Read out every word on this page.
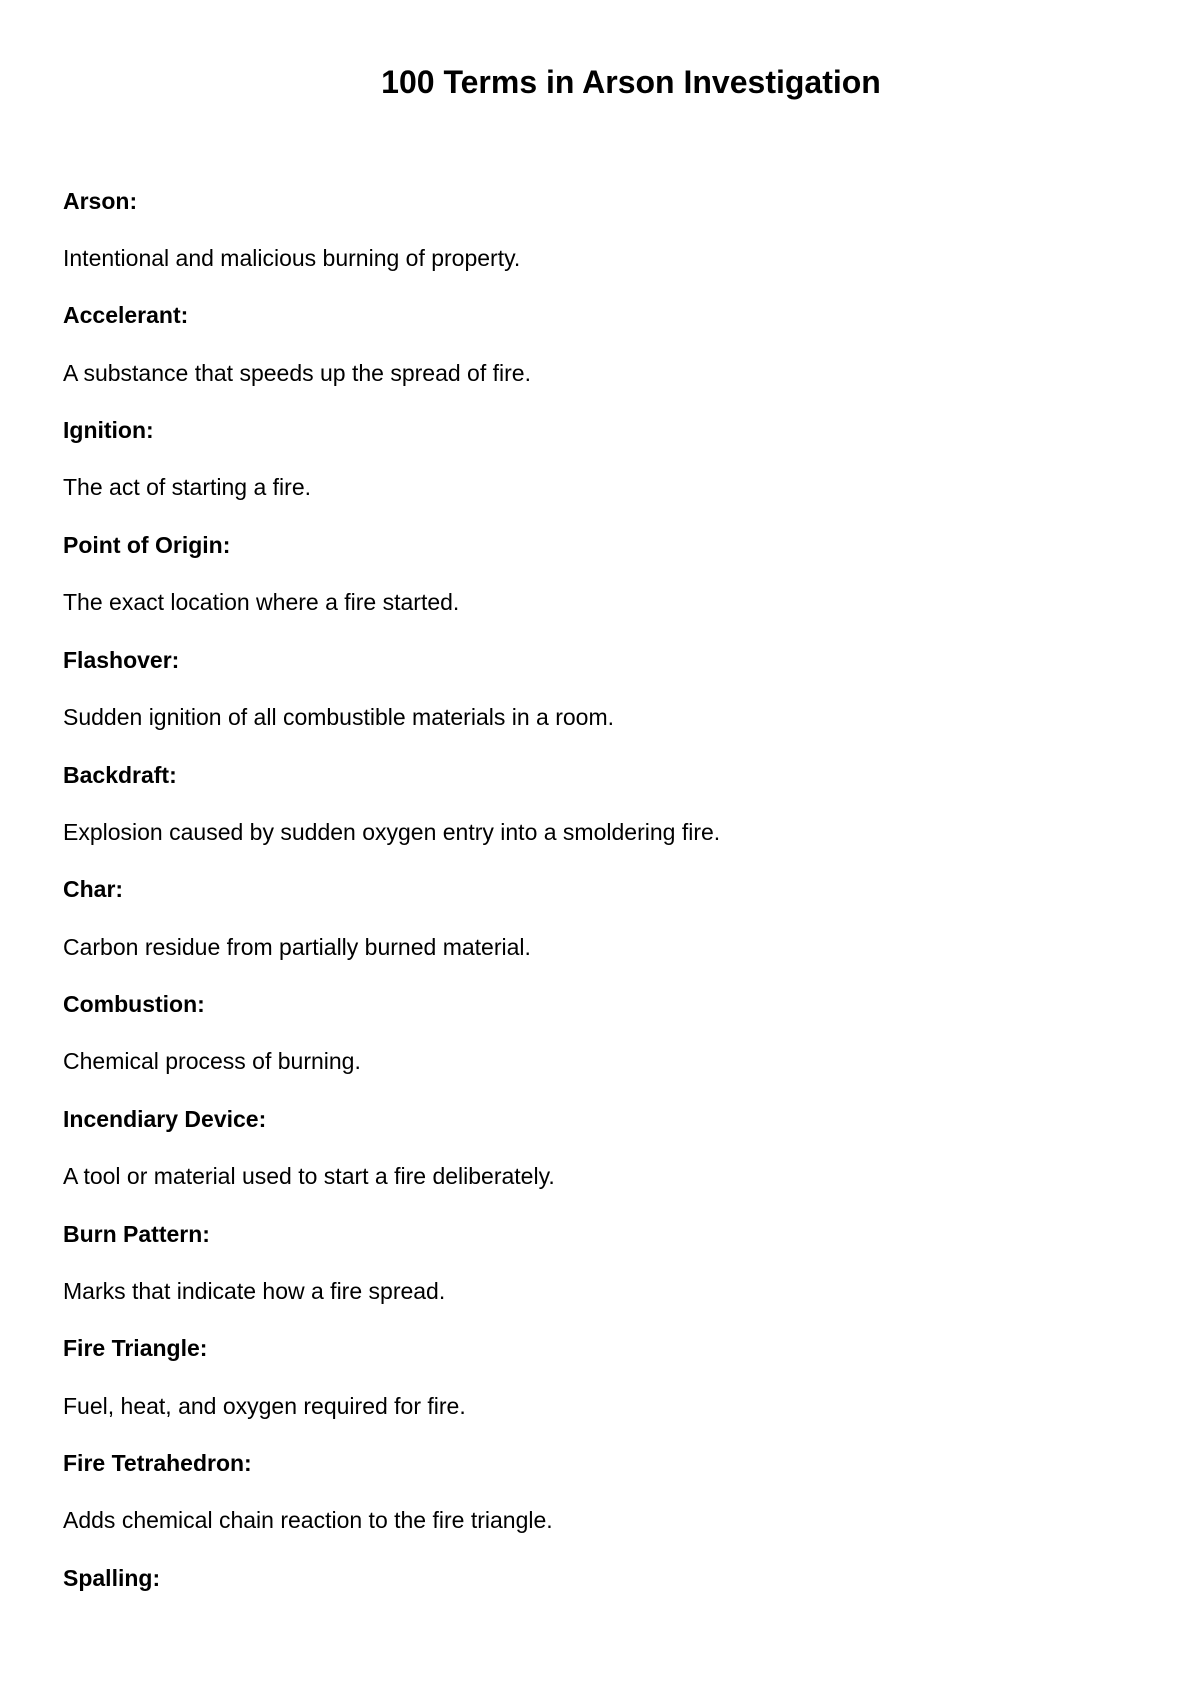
100 Terms in Arson Investigation
Arson:
Intentional and malicious burning of property.
Accelerant:
A substance that speeds up the spread of fire.
Ignition:
The act of starting a fire.
Point of Origin:
The exact location where a fire started.
Flashover:
Sudden ignition of all combustible materials in a room.
Backdraft:
Explosion caused by sudden oxygen entry into a smoldering fire.
Char:
Carbon residue from partially burned material.
Combustion:
Chemical process of burning.
Incendiary Device:
A tool or material used to start a fire deliberately.
Burn Pattern:
Marks that indicate how a fire spread.
Fire Triangle:
Fuel, heat, and oxygen required for fire.
Fire Tetrahedron:
Adds chemical chain reaction to the fire triangle.
Spalling:
